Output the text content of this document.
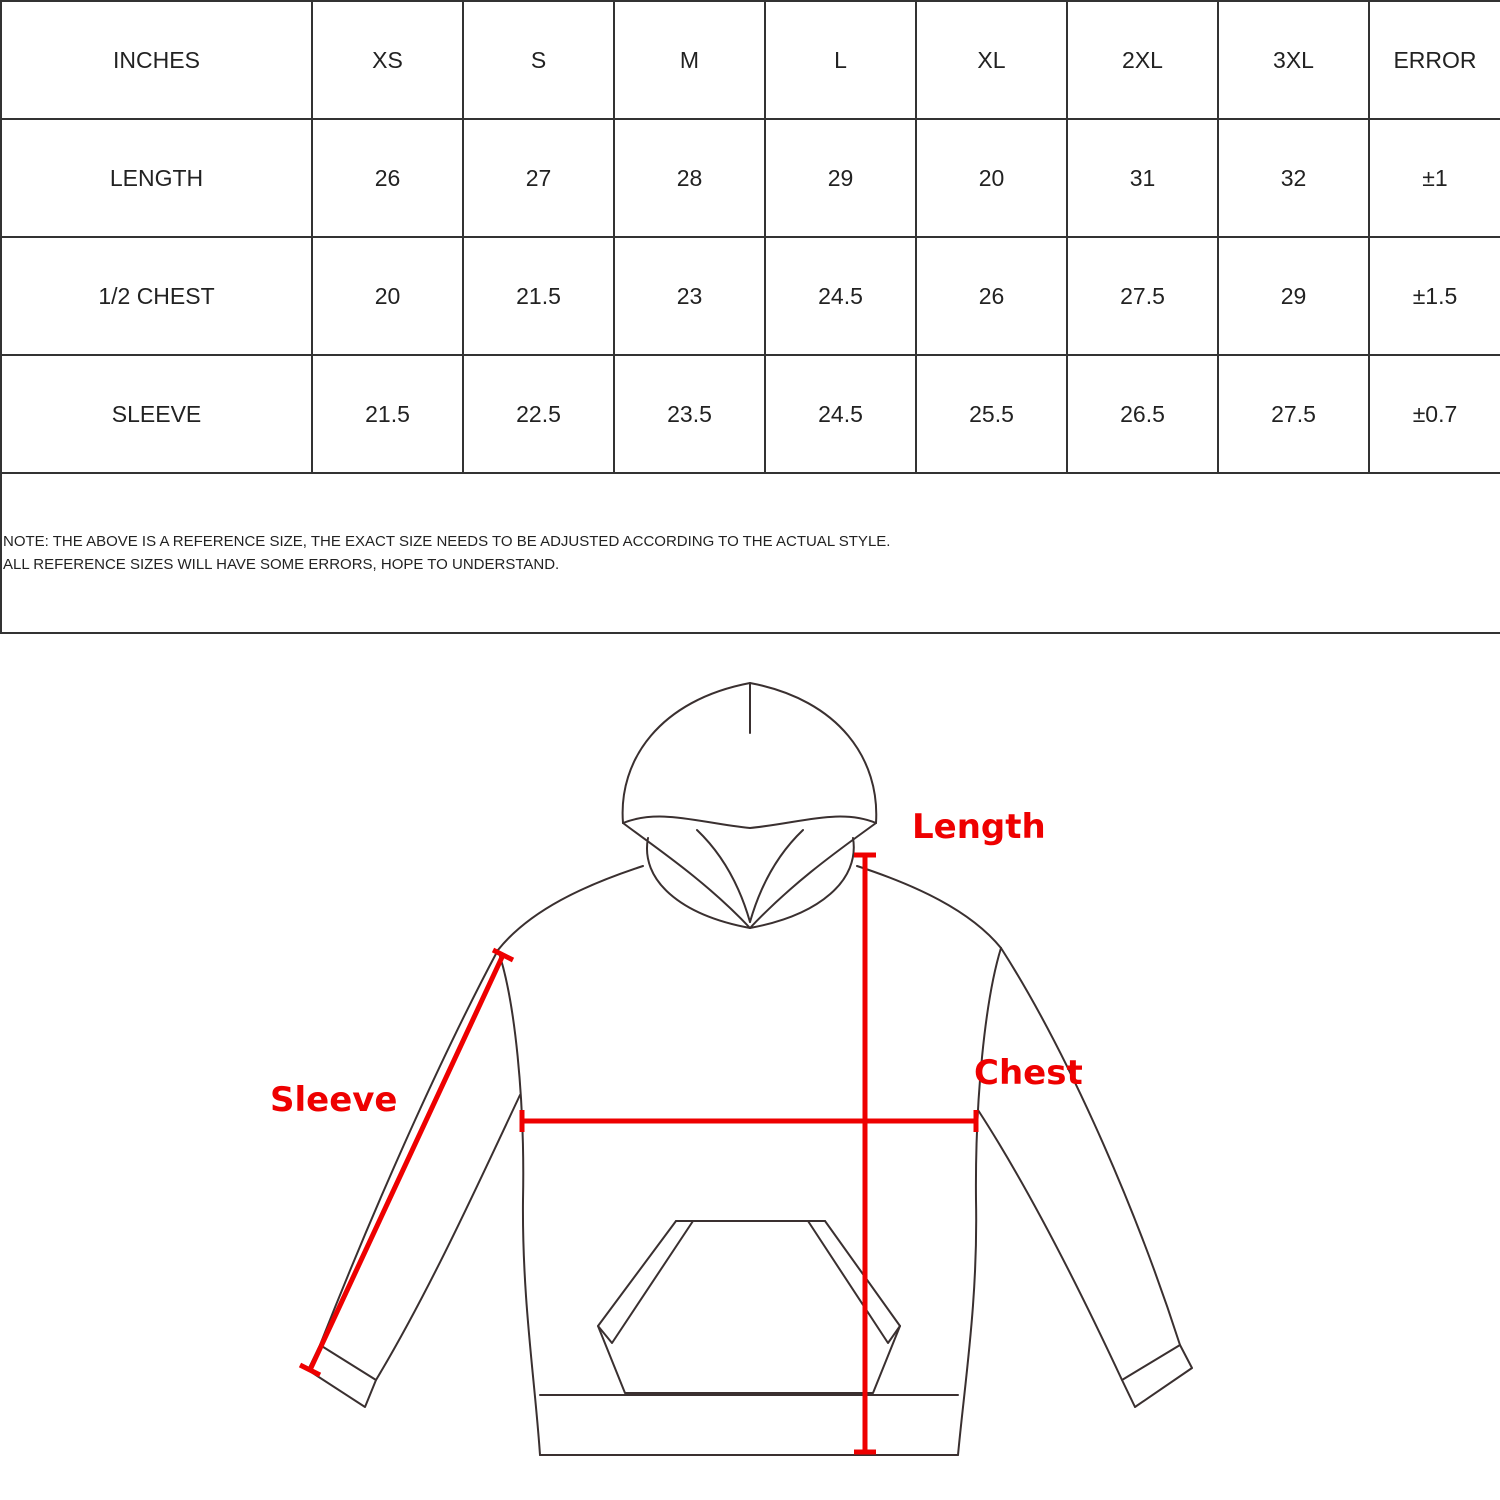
INCHES	XS	S	M	L	XL	2XL	3XL	ERROR
LENGTH	26	27	28	29	20	31	32	±1
1/2 CHEST	20	21.5	23	24.5	26	27.5	29	±1.5
SLEEVE	21.5	22.5	23.5	24.5	25.5	26.5	27.5	±0.7

NOTE: THE ABOVE IS A REFERENCE SIZE, THE EXACT SIZE NEEDS TO BE ADJUSTED ACCORDING TO THE ACTUAL STYLE.
ALL REFERENCE SIZES WILL HAVE SOME ERRORS, HOPE TO UNDERSTAND.								
Length
Chest
Sleeve
